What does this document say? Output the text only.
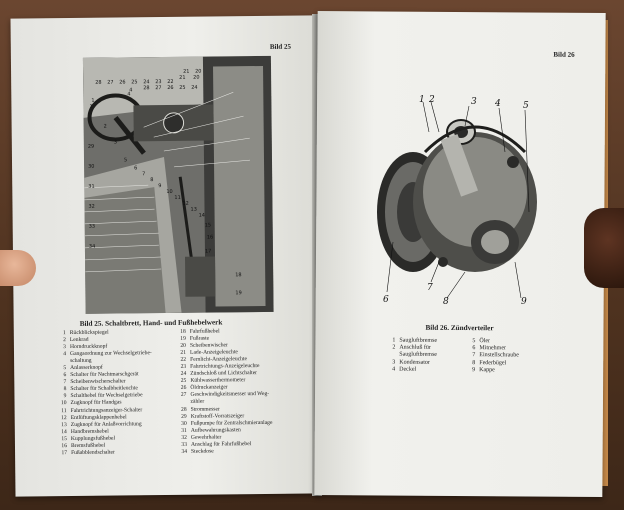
Bild 25
28 27 26 25 24
21 20
4
1
1
2
3
4
5
6
7
8
9
10
11
12
13
14
15
16
17
18
19
20
21
22
23
24
25
26
27
28
29
30
31
32
33
34
Bild 25. Schaltbrett, Hand- und Fußhebelwerk
1 Rückblickspiegel
2 Lenkrad
3 Horndruckknopf
4 Gangaordnung zur Wechselgetriebe-
schaltung
5 Anlasserknopf
6 Schalter für Nachtmarschgerät
7 Scheibenwischerschalter
8 Schalter für Schalbheitleuchte
9 Schalthebel für Wechselgetriebe
10 Zugknopf für Handgas
11 Fahrtrichtungsanzeiger-Schalter
12 Entlüftungsklappenhebel
13 Zugknopf für Anlaßvorrichtung
14 Handbremshebel
15 Kupplungsfußhebel
16 Bremsfußhebel
17 Fußabblendschalter
18 Fahrfußhebel
19 Fußraste
20 Scheibenwischer
21 Lade-Anzeigeleuchte
22 Fernlicht-Anzeigeleuchte
23 Fahrtrichtungs-Anzeigeleuchte
24 Zündschloß und Lichtschalter
25 Kühlwasserthermometer
26 Öldruckanzeiger
27 Geschwindigkeitsmesser und Weg-
zähler
28 Strommesser
29 Kraftstoff-Vorratszeiger
30 Fußpumpe für Zentralschmieranlage
31 Aufbewahrungskasten
32 Gewehrhalter
33 Anschlag für Fahrfußhebel
34 Steckdose
Bild 26
Bild 26. Zündverteiler
1 Saugluftbremse
2 Anschluß für
Saugluftbremse
3 Kondensator
4 Deckel
5 Öler
6 Mitnehmer
7 Einstellschraube
8 Federbügel
9 Kappe
1 2	3 4 5
6
7
8	9
